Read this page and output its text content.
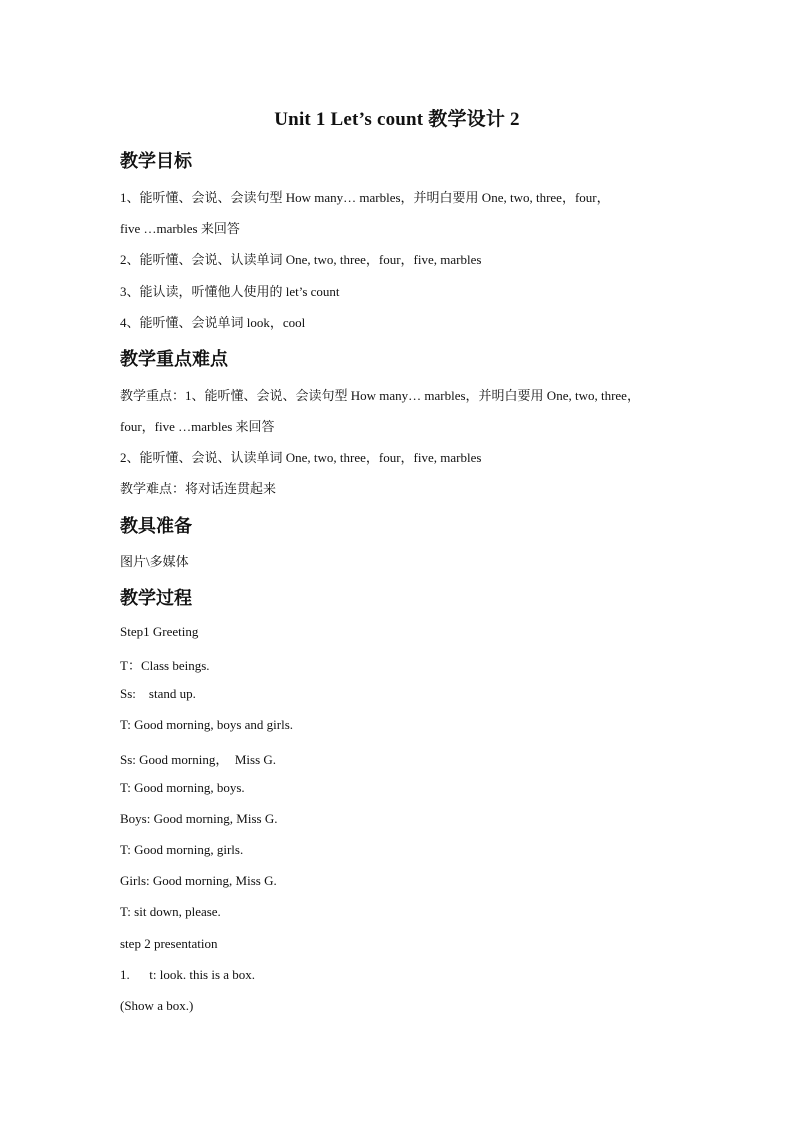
Unit 1 Let’s count 教学设计 2
教学目标
1、能听懂、会说、会读句型 How many… marbles，并明白要用 One, two, three，four，
five …marbles 来回答
2、能听懂、会说、认读单词 One, two, three，four，five, marbles
3、能认读，听懂他人使用的 let’s count
4、能听懂、会说单词 look，cool
教学重点难点
教学重点：1、能听懂、会说、会读句型 How many… marbles，并明白要用 One, two, three，
four，five …marbles 来回答
2、能听懂、会说、认读单词 One, two, three，four，five, marbles
教学难点：将对话连贯起来
教具准备
图片\多媒体
教学过程
Step1 Greeting
T：Class beings.
Ss:    stand up.
T: Good morning, boys and girls.
Ss: Good morning，  Miss G.
T: Good morning, boys.
Boys: Good morning, Miss G.
T: Good morning, girls.
Girls: Good morning, Miss G.
T: sit down, please.
step 2 presentation
1.      t: look. this is a box.
(Show a box.)
